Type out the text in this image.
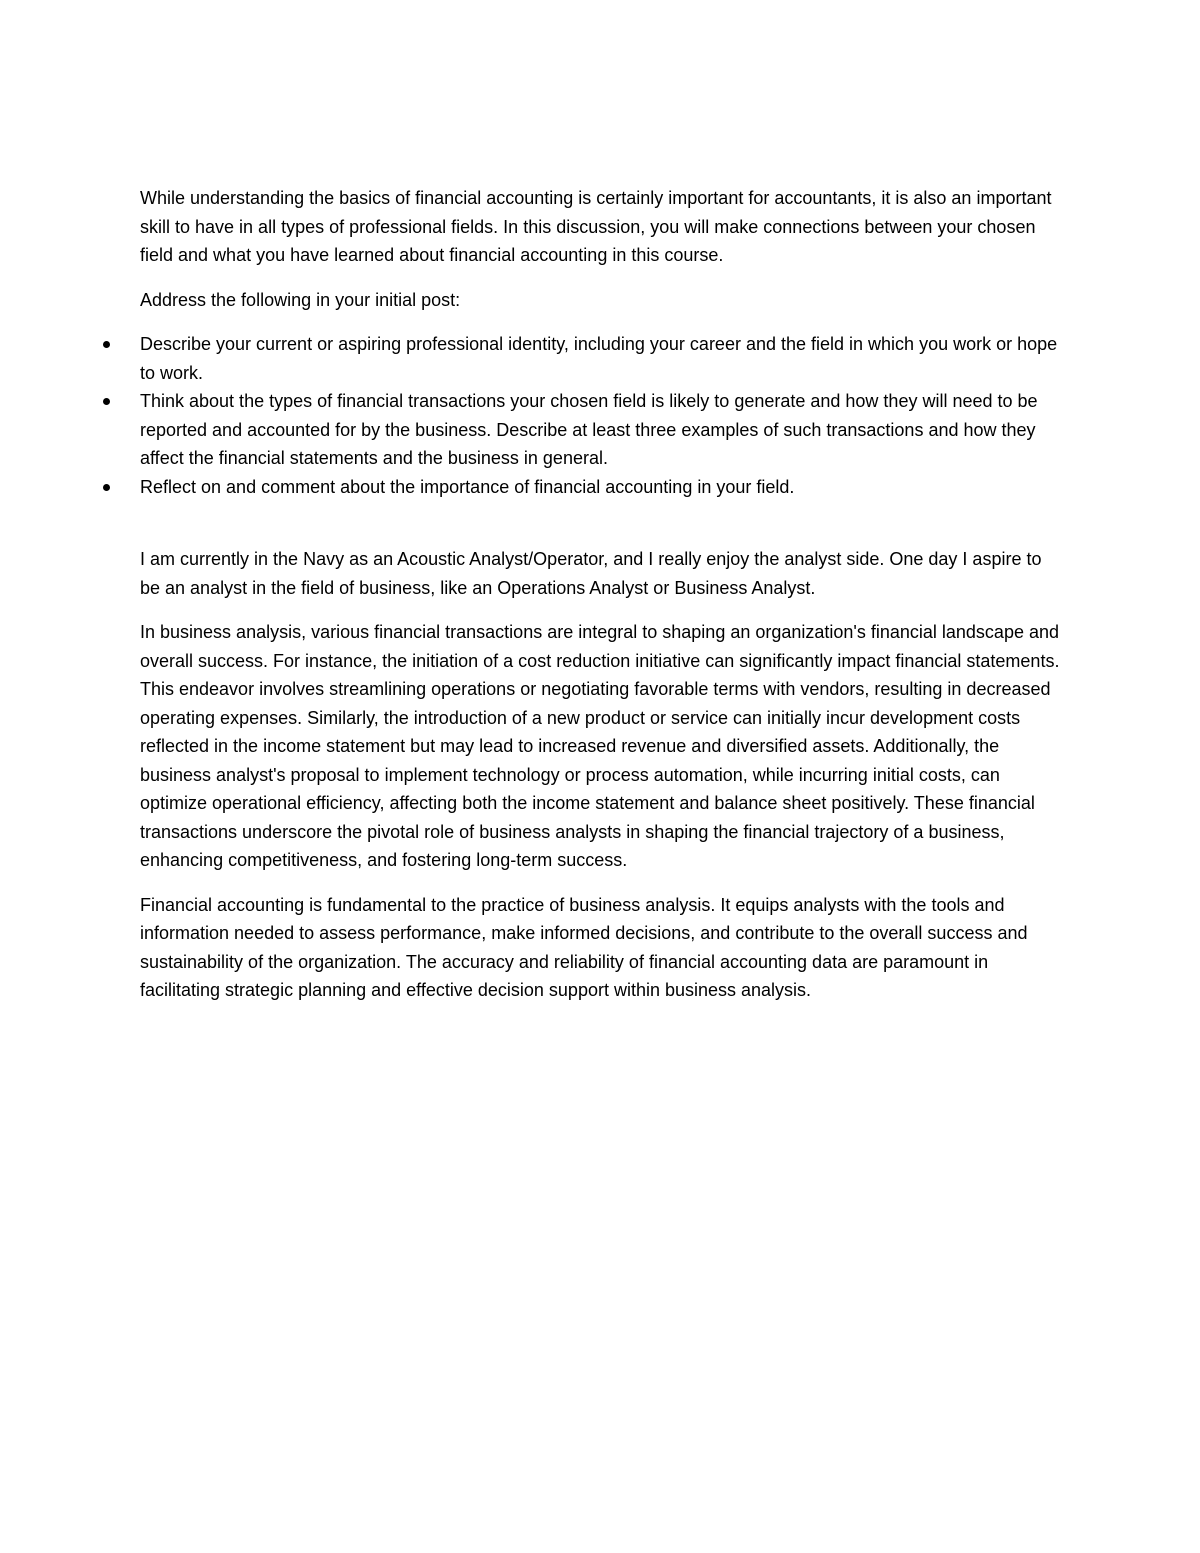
While understanding the basics of financial accounting is certainly important for accountants, it is also an important skill to have in all types of professional fields. In this discussion, you will make connections between your chosen field and what you have learned about financial accounting in this course.

Address the following in your initial post:

Describe your current or aspiring professional identity, including your career and the field in which you work or hope to work.
Think about the types of financial transactions your chosen field is likely to generate and how they will need to be reported and accounted for by the business. Describe at least three examples of such transactions and how they affect the financial statements and the business in general.
Reflect on and comment about the importance of financial accounting in your field.

I am currently in the Navy as an Acoustic Analyst/Operator, and I really enjoy the analyst side. One day I aspire to be an analyst in the field of business, like an Operations Analyst or Business Analyst.

In business analysis, various financial transactions are integral to shaping an organization's financial landscape and overall success. For instance, the initiation of a cost reduction initiative can significantly impact financial statements. This endeavor involves streamlining operations or negotiating favorable terms with vendors, resulting in decreased operating expenses. Similarly, the introduction of a new product or service can initially incur development costs reflected in the income statement but may lead to increased revenue and diversified assets. Additionally, the business analyst's proposal to implement technology or process automation, while incurring initial costs, can optimize operational efficiency, affecting both the income statement and balance sheet positively. These financial transactions underscore the pivotal role of business analysts in shaping the financial trajectory of a business, enhancing competitiveness, and fostering long-term success.

Financial accounting is fundamental to the practice of business analysis. It equips analysts with the tools and information needed to assess performance, make informed decisions, and contribute to the overall success and sustainability of the organization. The accuracy and reliability of financial accounting data are paramount in facilitating strategic planning and effective decision support within business analysis.
